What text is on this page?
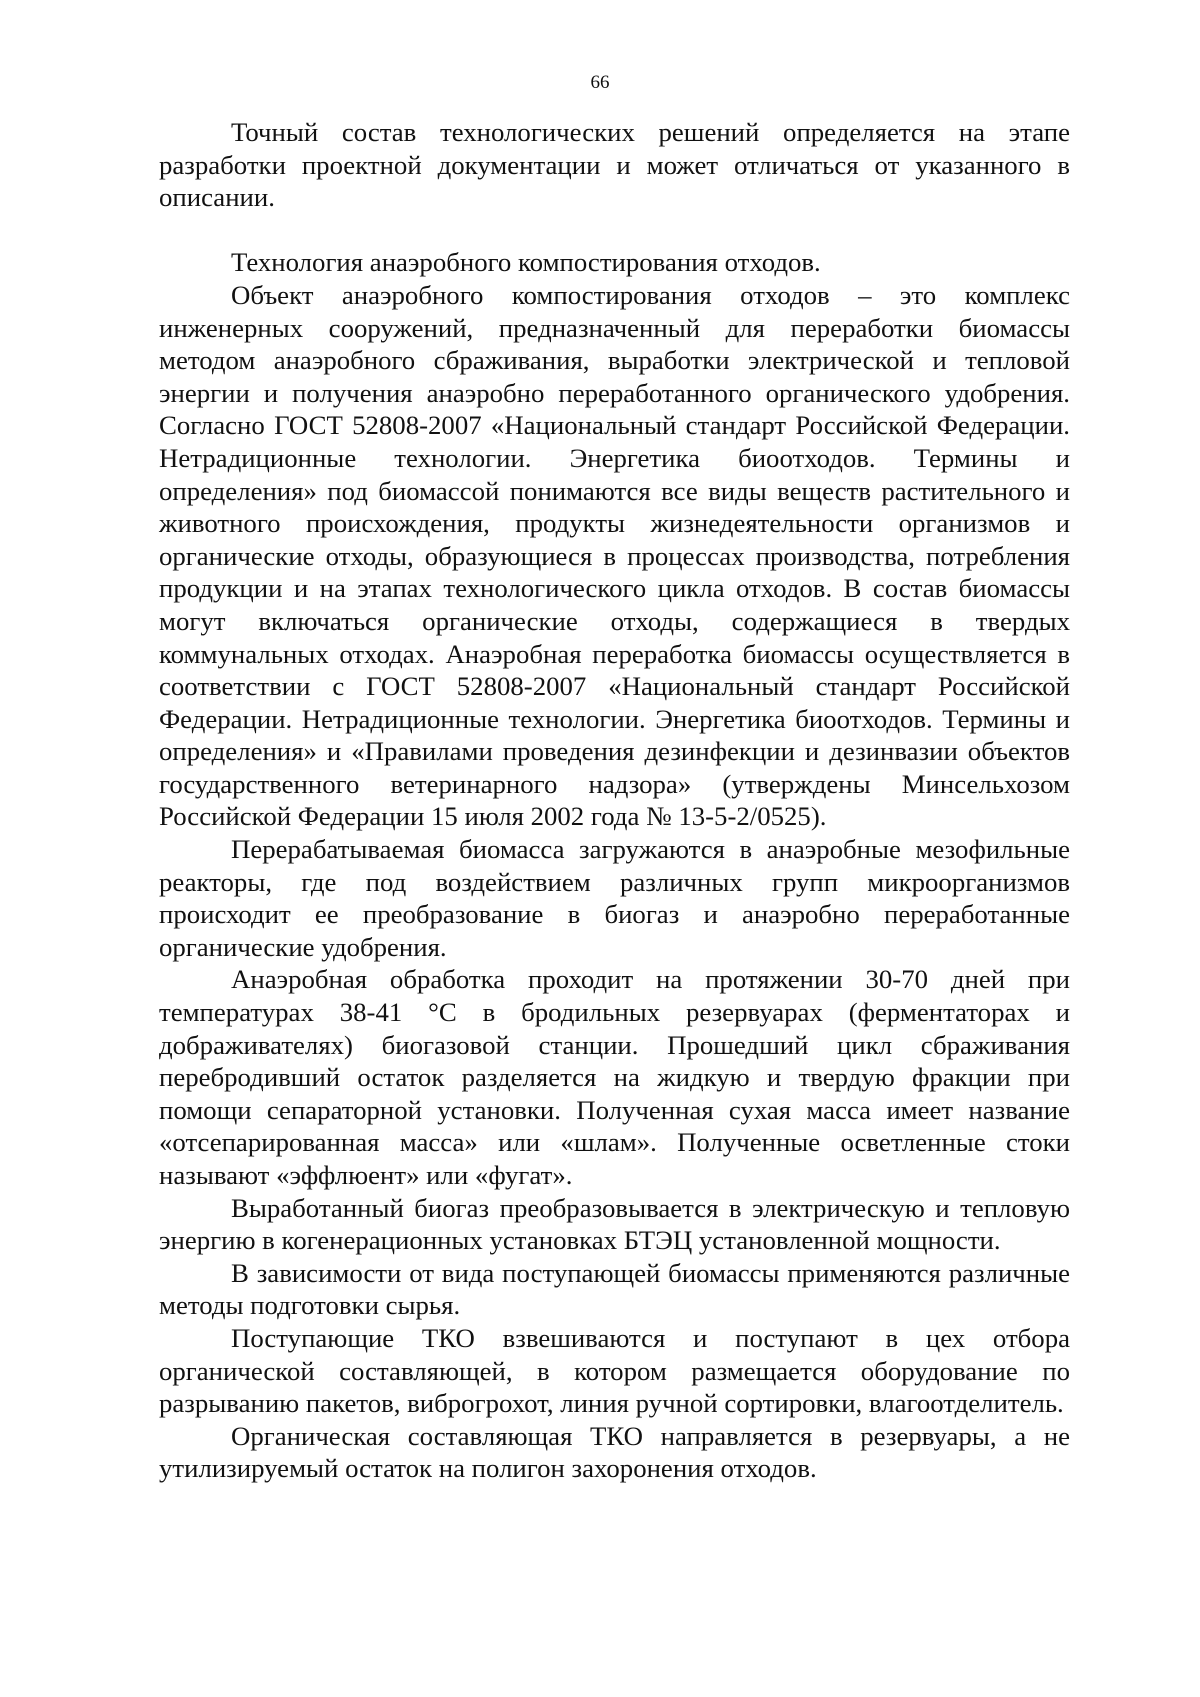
66

Точный состав технологических решений определяется на этапе разработки проектной документации и может отличаться от указанного в описании.

Технология анаэробного компостирования отходов.

Объект анаэробного компостирования отходов – это комплекс инженерных сооружений, предназначенный для переработки биомассы методом анаэробного сбраживания, выработки электрической и тепловой энергии и получения анаэробно переработанного органического удобрения. Согласно ГОСТ 52808-2007 «Национальный стандарт Российской Федерации. Нетрадиционные технологии. Энергетика биоотходов. Термины и определения» под биомассой понимаются все виды веществ растительного и животного происхождения, продукты жизнедеятельности организмов и органические отходы, образующиеся в процессах производства, потребления продукции и на этапах технологического цикла отходов. В состав биомассы могут включаться органические отходы, содержащиеся в твердых коммунальных отходах. Анаэробная переработка биомассы осуществляется в соответствии с ГОСТ 52808-2007 «Национальный стандарт Российской Федерации. Нетрадиционные технологии. Энергетика биоотходов. Термины и определения» и «Правилами проведения дезинфекции и дезинвазии объектов государственного ветеринарного надзора» (утверждены Минсельхозом Российской Федерации 15 июля 2002 года № 13-5-2/0525).

Перерабатываемая биомасса загружаются в анаэробные мезофильные реакторы, где под воздействием различных групп микроорганизмов происходит ее преобразование в биогаз и анаэробно переработанные органические удобрения.

Анаэробная обработка проходит на протяжении 30-70 дней при температурах 38-41 °С в бродильных резервуарах (ферментаторах и дображивателях) биогазовой станции. Прошедший цикл сбраживания перебродивший остаток разделяется на жидкую и твердую фракции при помощи сепараторной установки. Полученная сухая масса имеет название «отсепарированная масса» или «шлам». Полученные осветленные стоки называют «эффлюент» или «фугат».

Выработанный биогаз преобразовывается в электрическую и тепловую энергию в когенерационных установках БТЭЦ установленной мощности.

В зависимости от вида поступающей биомассы применяются различные методы подготовки сырья.

Поступающие ТКО взвешиваются и поступают в цех отбора органической составляющей, в котором размещается оборудование по разрыванию пакетов, виброгрохот, линия ручной сортировки, влагоотделитель.

Органическая составляющая ТКО направляется в резервуары, а не утилизируемый остаток на полигон захоронения отходов.
